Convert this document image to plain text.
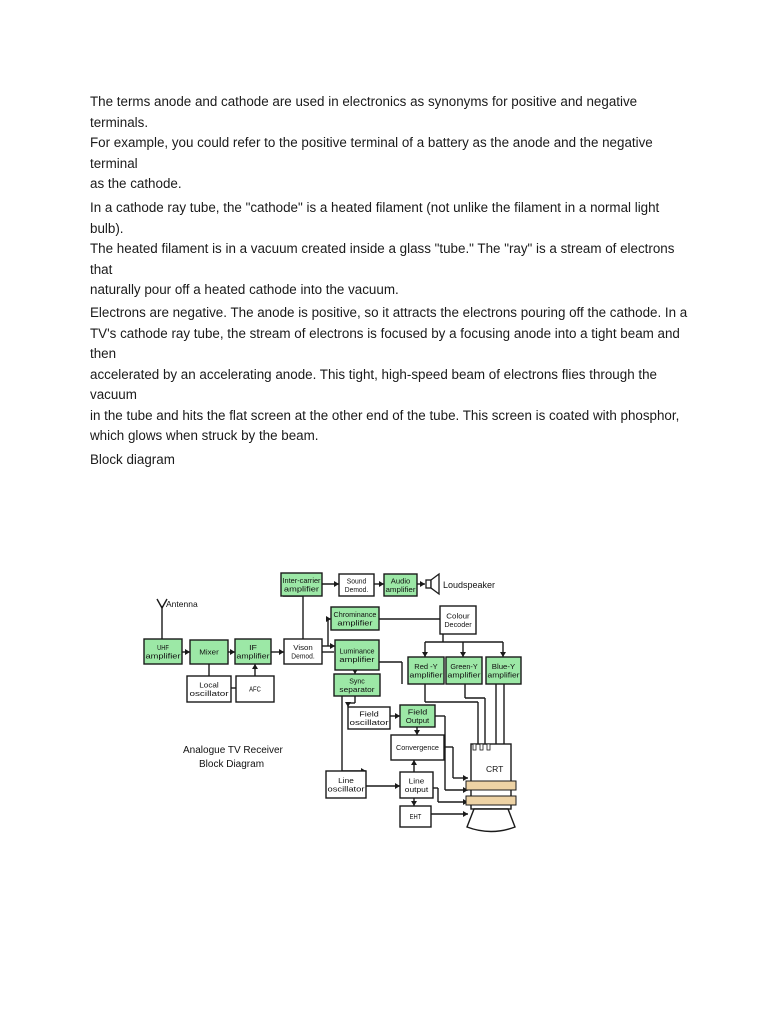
The terms anode and cathode are used in electronics as synonyms for positive and negative terminals.
For example, you could refer to the positive terminal of a battery as the anode and the negative terminal
as the cathode.

In a cathode ray tube, the "cathode" is a heated filament (not unlike the filament in a normal light bulb).
The heated filament is in a vacuum created inside a glass "tube." The "ray" is a stream of electrons that
naturally pour off a heated cathode into the vacuum.

Electrons are negative. The anode is positive, so it attracts the electrons pouring off the cathode. In a
TV's cathode ray tube, the stream of electrons is focused by a focusing anode into a tight beam and then
accelerated by an accelerating anode. This tight, high-speed beam of electrons flies through the vacuum
in the tube and hits the flat screen at the other end of the tube. This screen is coated with phosphor,
which glows when struck by the beam.

Block diagram

UHF
amplifier Mixer
IF
amplifier
Local
oscillator	AFC
Vison
Demod.
Inter-carrier
amplifier
Sound
Demod.
Audio
amplifier
Chrominance
amplifier
Luminance
amplifier
Colour
Decoder
Red -Y
amplifier
Green-Y
amplifier
Blue-Y
amplifier
Sync
separator
Field
oscillator
Field
Output
Convergence
Line
oscillator
Line
output
EHT
CRT
Antenna
Loudspeaker
Analogue TV Receiver
Block Diagram
